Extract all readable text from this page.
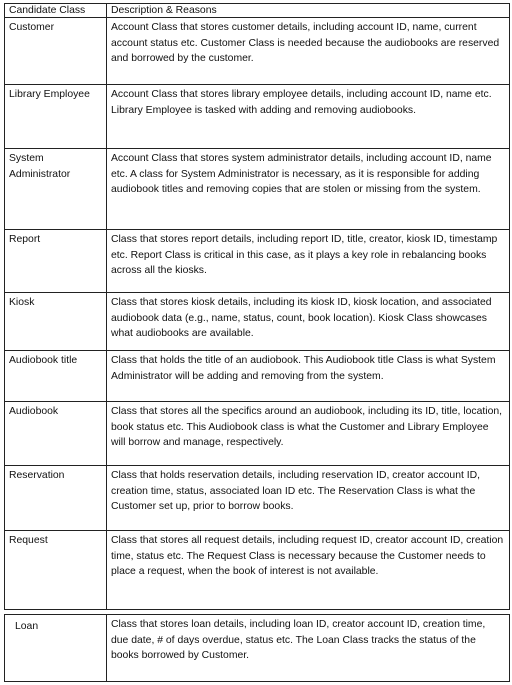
Candidate Class	Description & Reasons
Customer	Account Class that stores customer details, including account ID, name, current account status etc. Customer Class is needed because the audiobooks are reserved and borrowed by the customer.
Library Employee	Account Class that stores library employee details, including account ID, name etc. Library Employee is tasked with adding and removing audiobooks.
System Administrator	Account Class that stores system administrator details, including account ID, name etc. A class for System Administrator is necessary, as it is responsible for adding audiobook titles and removing copies that are stolen or missing from the system.
Report	Class that stores report details, including report ID, title, creator, kiosk ID, timestamp etc. Report Class is critical in this case, as it plays a key role in rebalancing books across all the kiosks.
Kiosk	Class that stores kiosk details, including its kiosk ID, kiosk location, and associated audiobook data (e.g., name, status, count, book location). Kiosk Class showcases what audiobooks are available.
Audiobook title	Class that holds the title of an audiobook. This Audiobook title Class is what System Administrator will be adding and removing from the system.
Audiobook	Class that stores all the specifics around an audiobook, including its ID, title, location, book status etc. This Audiobook class is what the Customer and Library Employee will borrow and manage, respectively.
Reservation	Class that holds reservation details, including reservation ID, creator account ID, creation time, status, associated loan ID etc. The Reservation Class is what the Customer set up, prior to borrow books.
Request	Class that stores all request details, including request ID, creator account ID, creation time, status etc. The Request Class is necessary because the Customer needs to place a request, when the book of interest is not available.
Loan	Class that stores loan details, including loan ID, creator account ID, creation time, due date, # of days overdue, status etc. The Loan Class tracks the status of the books borrowed by Customer.
